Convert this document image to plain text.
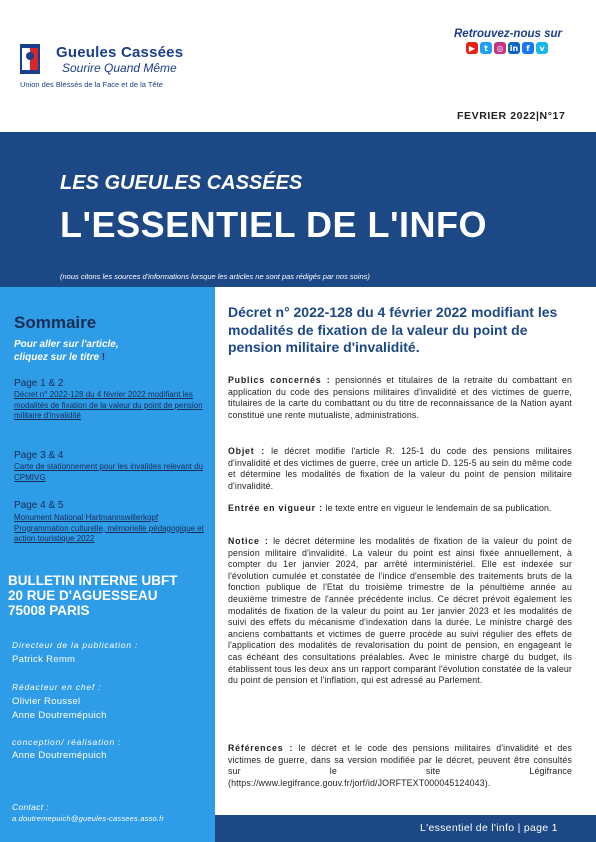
Gueules Cassées
Sourire Quand Même
Union des Blessés de la Face et de la Tête
Retrouvez-nous sur
▶	t	◎ in	f	v
FEVRIER 2022|N°17
LES GUEULES CASSÉES
L'ESSENTIEL DE L'INFO
(nous citons les sources d'informations lorsque les articles ne sont pas rédigés par nos soins)
Sommaire
Pour aller sur l'article,
cliquez sur le titre !
Page 1 & 2
Décret n° 2022-128 du 4 février 2022 modifiant les modalités de fixation de la valeur du point de pension militaire d'invalidité
Page 3 & 4
Carte de stationnement pour les invalides relevant du CPMIVG
Page 4 & 5
Monument National Hartmannswillerkopf Programmation culturelle, mémorielle pédagogique et action touristique 2022
BULLETIN INTERNE UBFT
20 RUE D'AGUESSEAU
75008 PARIS
Directeur de la publication :
Patrick Remm
Rédacteur en chef :
Olivier Roussel
Anne Doutremépuich
conception/ réalisation :
Anne Doutremépuich
Contact :
a.doutremepuich@gueules-cassees.asso.fr
Décret n° 2022-128 du 4 février 2022 modifiant les modalités de fixation de la valeur du point de pension militaire d'invalidité.
Publics concernés : pensionnés et titulaires de la retraite du combattant en application du code des pensions militaires d'invalidité et des victimes de guerre, titulaires de la carte du combattant ou du titre de reconnaissance de la Nation ayant constitué une rente mutualiste, administrations.
Objet : le décret modifie l'article R. 125-1 du code des pensions militaires d'invalidité et des victimes de guerre, crée un article D. 125-5 au sein du même code et détermine les modalités de fixation de la valeur du point de pension militaire d'invalidité.
Entrée en vigueur : le texte entre en vigueur le lendemain de sa publication.
Notice : le décret détermine les modalités de fixation de la valeur du point de pension militaire d'invalidité. La valeur du point est ainsi fixée annuellement, à compter du 1er janvier 2024, par arrêté interministériel. Elle est indexée sur l'évolution cumulée et constatée de l'indice d'ensemble des traitements bruts de la fonction publique de l'Etat du troisième trimestre de la pénultième année au deuxième trimestre de l'année précédente inclus. Ce décret prévoit également les modalités de fixation de la valeur du point au 1er janvier 2023 et les modalités de suivi des effets du mécanisme d'indexation dans la durée. Le ministre chargé des anciens combattants et victimes de guerre procède au suivi régulier des effets de l'application des modalités de revalorisation du point de pension, en engageant le cas échéant des consultations préalables. Avec le ministre chargé du budget, ils établissent tous les deux ans un rapport comparant l'évolution constatée de la valeur du point de pension et l'inflation, qui est adressé au Parlement.
Références : le décret et le code des pensions militaires d'invalidité et des victimes de guerre, dans sa version modifiée par le décret, peuvent être consultés sur le site Légifrance (https://www.legifrance.gouv.fr/jorf/id/JORFTEXT000045124043).
L'essentiel de l'info | page 1
